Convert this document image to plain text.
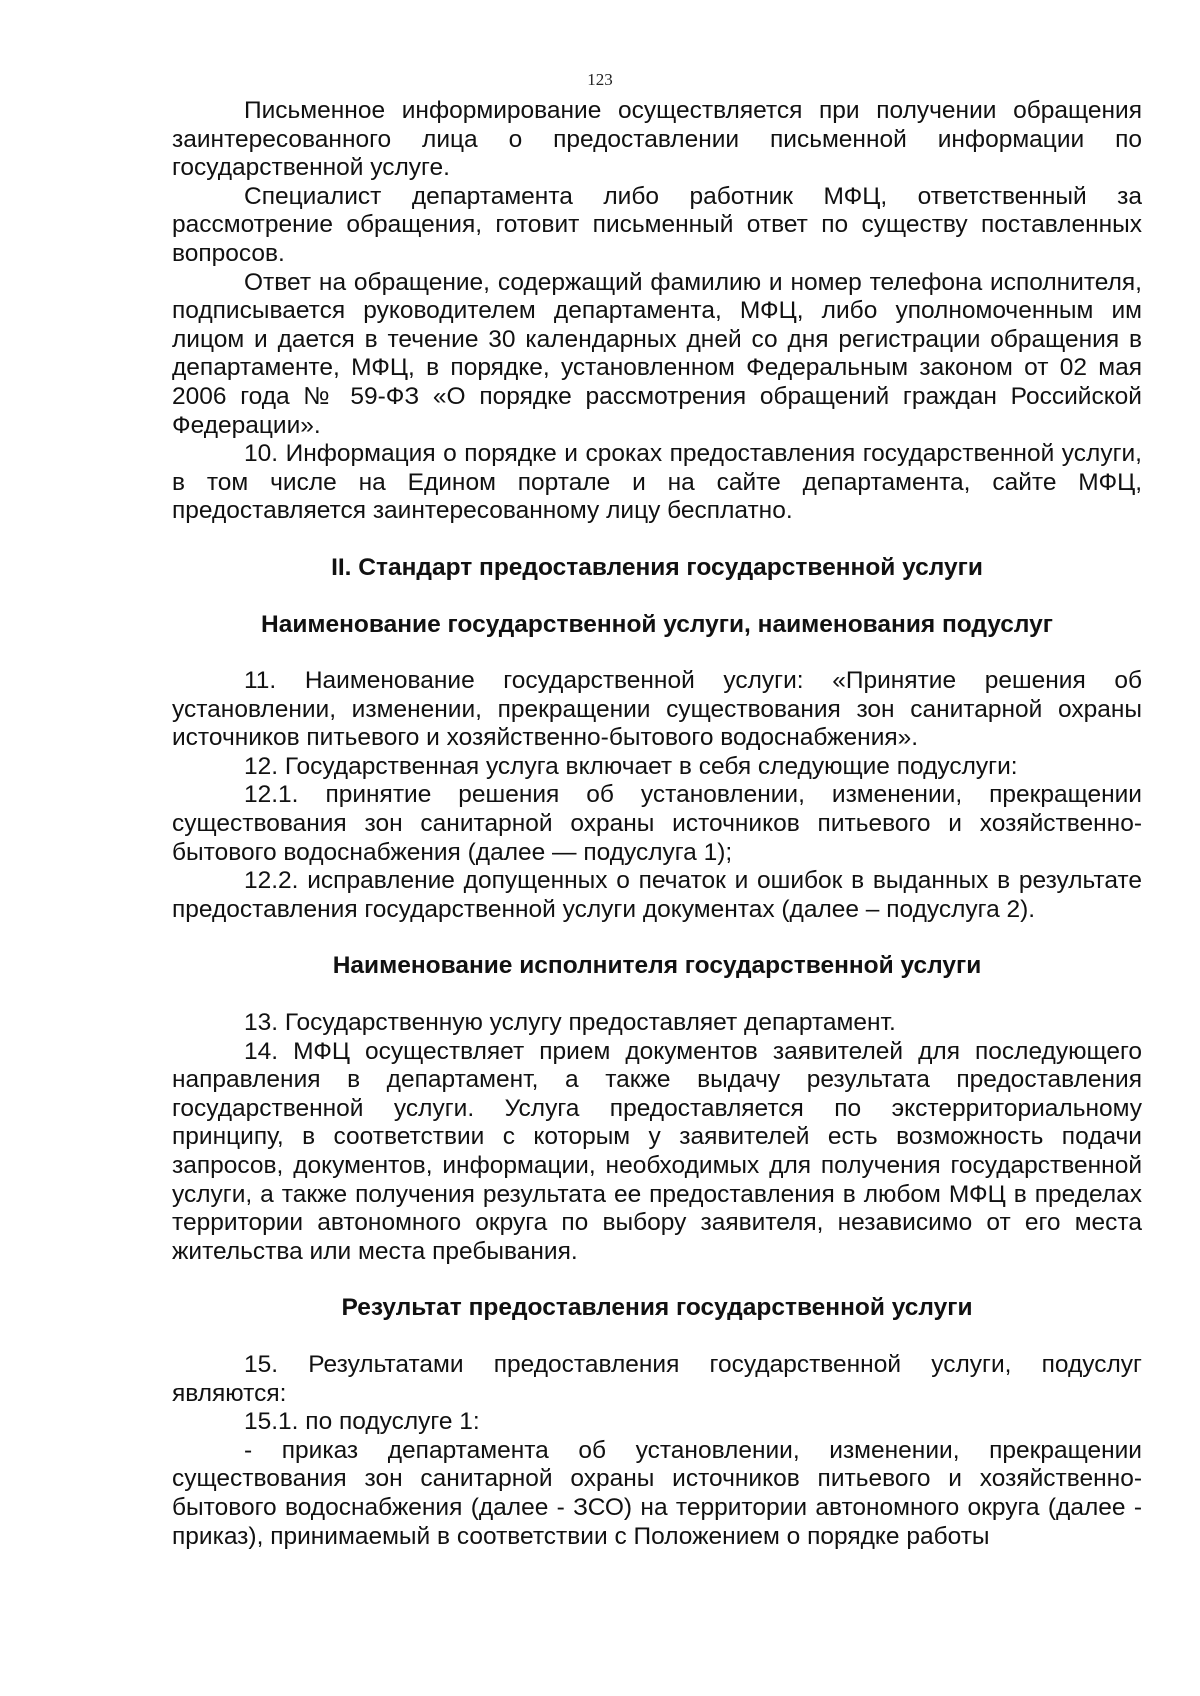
123

Письменное информирование осуществляется при получении обращения заинтересованного лица о предоставлении письменной информации по государственной услуге.

Специалист департамента либо работник МФЦ, ответственный за рассмотрение обращения, готовит письменный ответ по существу поставленных вопросов.

Ответ на обращение, содержащий фамилию и номер телефона исполнителя, подписывается руководителем департамента, МФЦ, либо уполномоченным им лицом и дается в течение 30 календарных дней со дня регистрации обращения в департаменте, МФЦ, в порядке, установленном Федеральным законом от 02 мая 2006 года № 59-ФЗ «О порядке рассмотрения обращений граждан Российской Федерации».

10. Информация о порядке и сроках предоставления государственной услуги, в том числе на Едином портале и на сайте департамента, сайте МФЦ, предоставляется заинтересованному лицу бесплатно.

II. Стандарт предоставления государственной услуги
Наименование государственной услуги, наименования подуслуг

11. Наименование государственной услуги: «Принятие решения об установлении, изменении, прекращении существования зон санитарной охраны источников питьевого и хозяйственно-бытового водоснабжения».

12. Государственная услуга включает в себя следующие подуслуги:

12.1. принятие решения об установлении, изменении, прекращении существования зон санитарной охраны источников питьевого и хозяйственно-бытового водоснабжения (далее — подуслуга 1);

12.2. исправление допущенных о печаток и ошибок в выданных в результате предоставления государственной услуги документах (далее – подуслуга 2).

Наименование исполнителя государственной услуги

13. Государственную услугу предоставляет департамент.

14. МФЦ осуществляет прием документов заявителей для последующего направления в департамент, а также выдачу результата предоставления государственной услуги. Услуга предоставляется по экстерриториальному принципу, в соответствии с которым у заявителей есть возможность подачи запросов, документов, информации, необходимых для получения государственной услуги, а также получения результата ее предоставления в любом МФЦ в пределах территории автономного округа по выбору заявителя, независимо от его места жительства или места пребывания.

Результат предоставления государственной услуги

15. Результатами предоставления государственной услуги, подуслуг являются:

15.1. по подуслуге 1:

- приказ департамента об установлении, изменении, прекращении существования зон санитарной охраны источников питьевого и хозяйственно-бытового водоснабжения (далее - ЗСО) на территории автономного округа (далее - приказ), принимаемый в соответствии с Положением о порядке работы
